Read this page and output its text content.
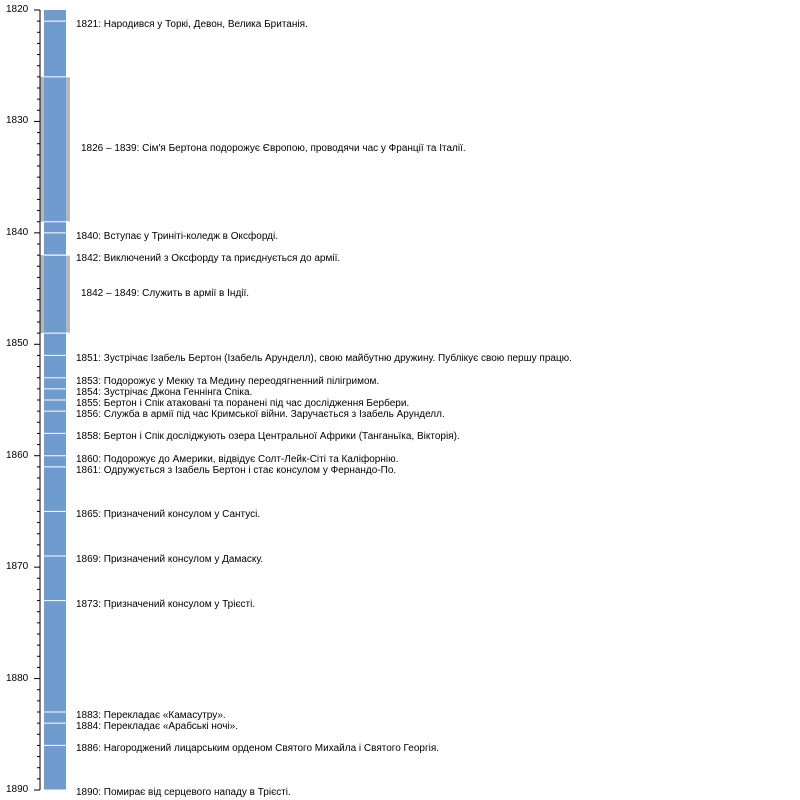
1820
1830
1840
1850
1860
1870
1880
1890
1826 – 1839: Сім'я Бертона подорожує Європою, проводячи час у Франції та Італії.
1842 – 1849: Служить в армії в Індії.
1821: Народився у Торкі, Девон, Велика Британія.
1840: Вступає у Триніті-коледж в Оксфорді.
1842: Виключений з Оксфорду та приєднується до армії.
1851: Зустрічає Ізабель Бертон (Ізабель Арунделл), свою майбутню дружину. Публікує свою першу працю.
1853: Подорожує у Мекку та Медину переодягненний пілігримом.
1854: Зустрічає Джона Геннінга Спіка.
1855: Бертон і Спік атаковані та поранені під час дослідження Бербери.
1856: Служба в армії під час Кримської війни. Заручається з Ізабель Арунделл.
1858: Бертон і Спік досліджують озера Центральної Африки (Танганьїка, Вікторія).
1860: Подорожує до Америки, відвідує Солт-Лейк-Сіті та Каліфорнію.
1861: Одружується з Ізабель Бертон і стає консулом у Фернандо-По.
1865: Призначений консулом у Сантусі.
1869: Призначений консулом у Дамаску.
1873: Призначений консулом у Трієсті.
1883: Перекладає «Камасутру».
1884: Перекладає «Арабські ночі».
1886: Нагороджений лицарським орденом Святого Михайла і Святого Георгія.
1890: Помирає від серцевого нападу в Трієсті.
